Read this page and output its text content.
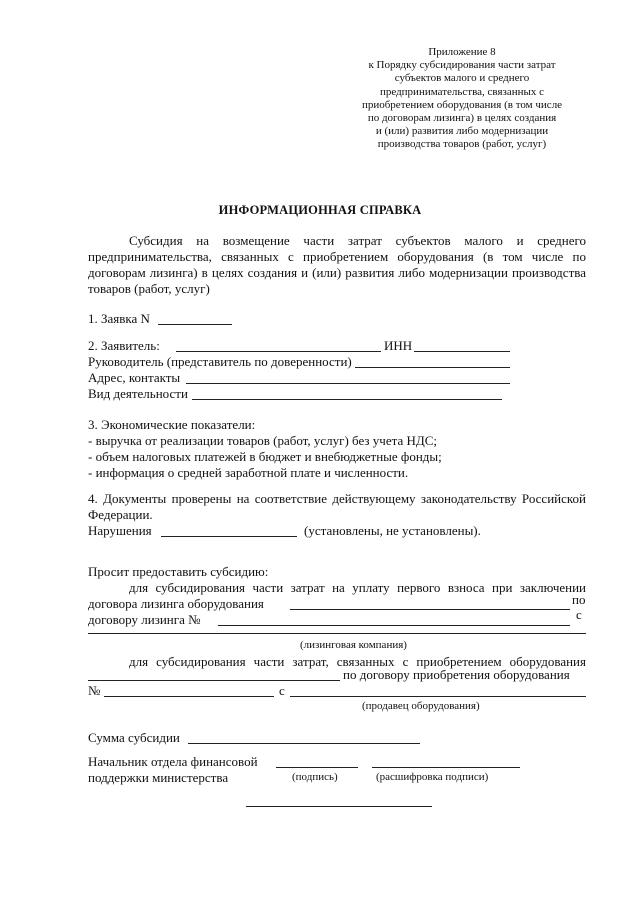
Приложение 8
к Порядку субсидирования части затрат
субъектов малого и среднего
предпринимательства, связанных с
приобретением оборудования (в том числе
по договорам лизинга) в целях создания
и (или) развития либо модернизации
производства товаров (работ, услуг)
ИНФОРМАЦИОННАЯ СПРАВКА
Субсидия на возмещение части затрат субъектов малого и среднего
предпринимательства, связанных с приобретением оборудования (в том числе по
договорам лизинга) в целях создания и (или) развития либо модернизации производства
товаров (работ, услуг)
1. Заявка N
2. Заявитель:	ИНН
Руководитель (представитель по доверенности)
Адрес, контакты
Вид деятельности
3. Экономические показатели:
- выручка от реализации товаров (работ, услуг) без учета НДС;
- объем налоговых платежей в бюджет и внебюджетные фонды;
- информация о средней заработной плате и численности.
4. Документы проверены на соответствие действующему законодательству Российской
Федерации.
Нарушения	(установлены, не установлены).
Просит предоставить субсидию:
для субсидирования части затрат на уплату первого взноса при заключении
договора лизинга оборудования	по
договору лизинга №	с
(лизинговая компания)
для субсидирования части затрат, связанных с приобретением оборудования
по договору приобретения оборудования
№	с
(продавец оборудования)
Сумма субсидии
Начальник отдела финансовой
поддержки министерства	(подпись)	(расшифровка подписи)
